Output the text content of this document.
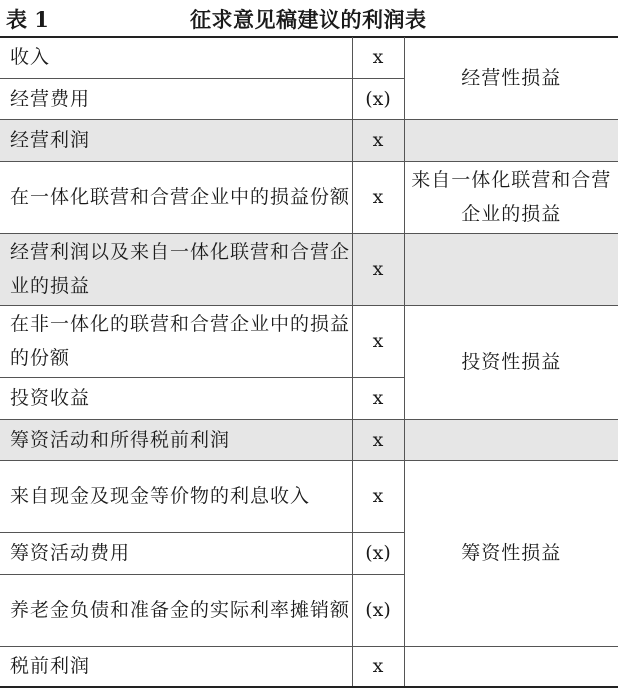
表 1	征求意见稿建议的利润表
收入	x	经营性损益
经营费用	(x)	
经营利润	x	
在一体化联营和合营企业中的损益份额	x	来自一体化联营和合营企业的损益
经营利润以及来自一体化联营和合营企业的损益	x	
在非一体化的联营和合营企业中的损益的份额	x	投资性损益
投资收益	x	
筹资活动和所得税前利润	x	
来自现金及现金等价物的利息收入	x	筹资性损益
筹资活动费用	(x)	
养老金负债和准备金的实际利率摊销额	(x)	
税前利润	x	
